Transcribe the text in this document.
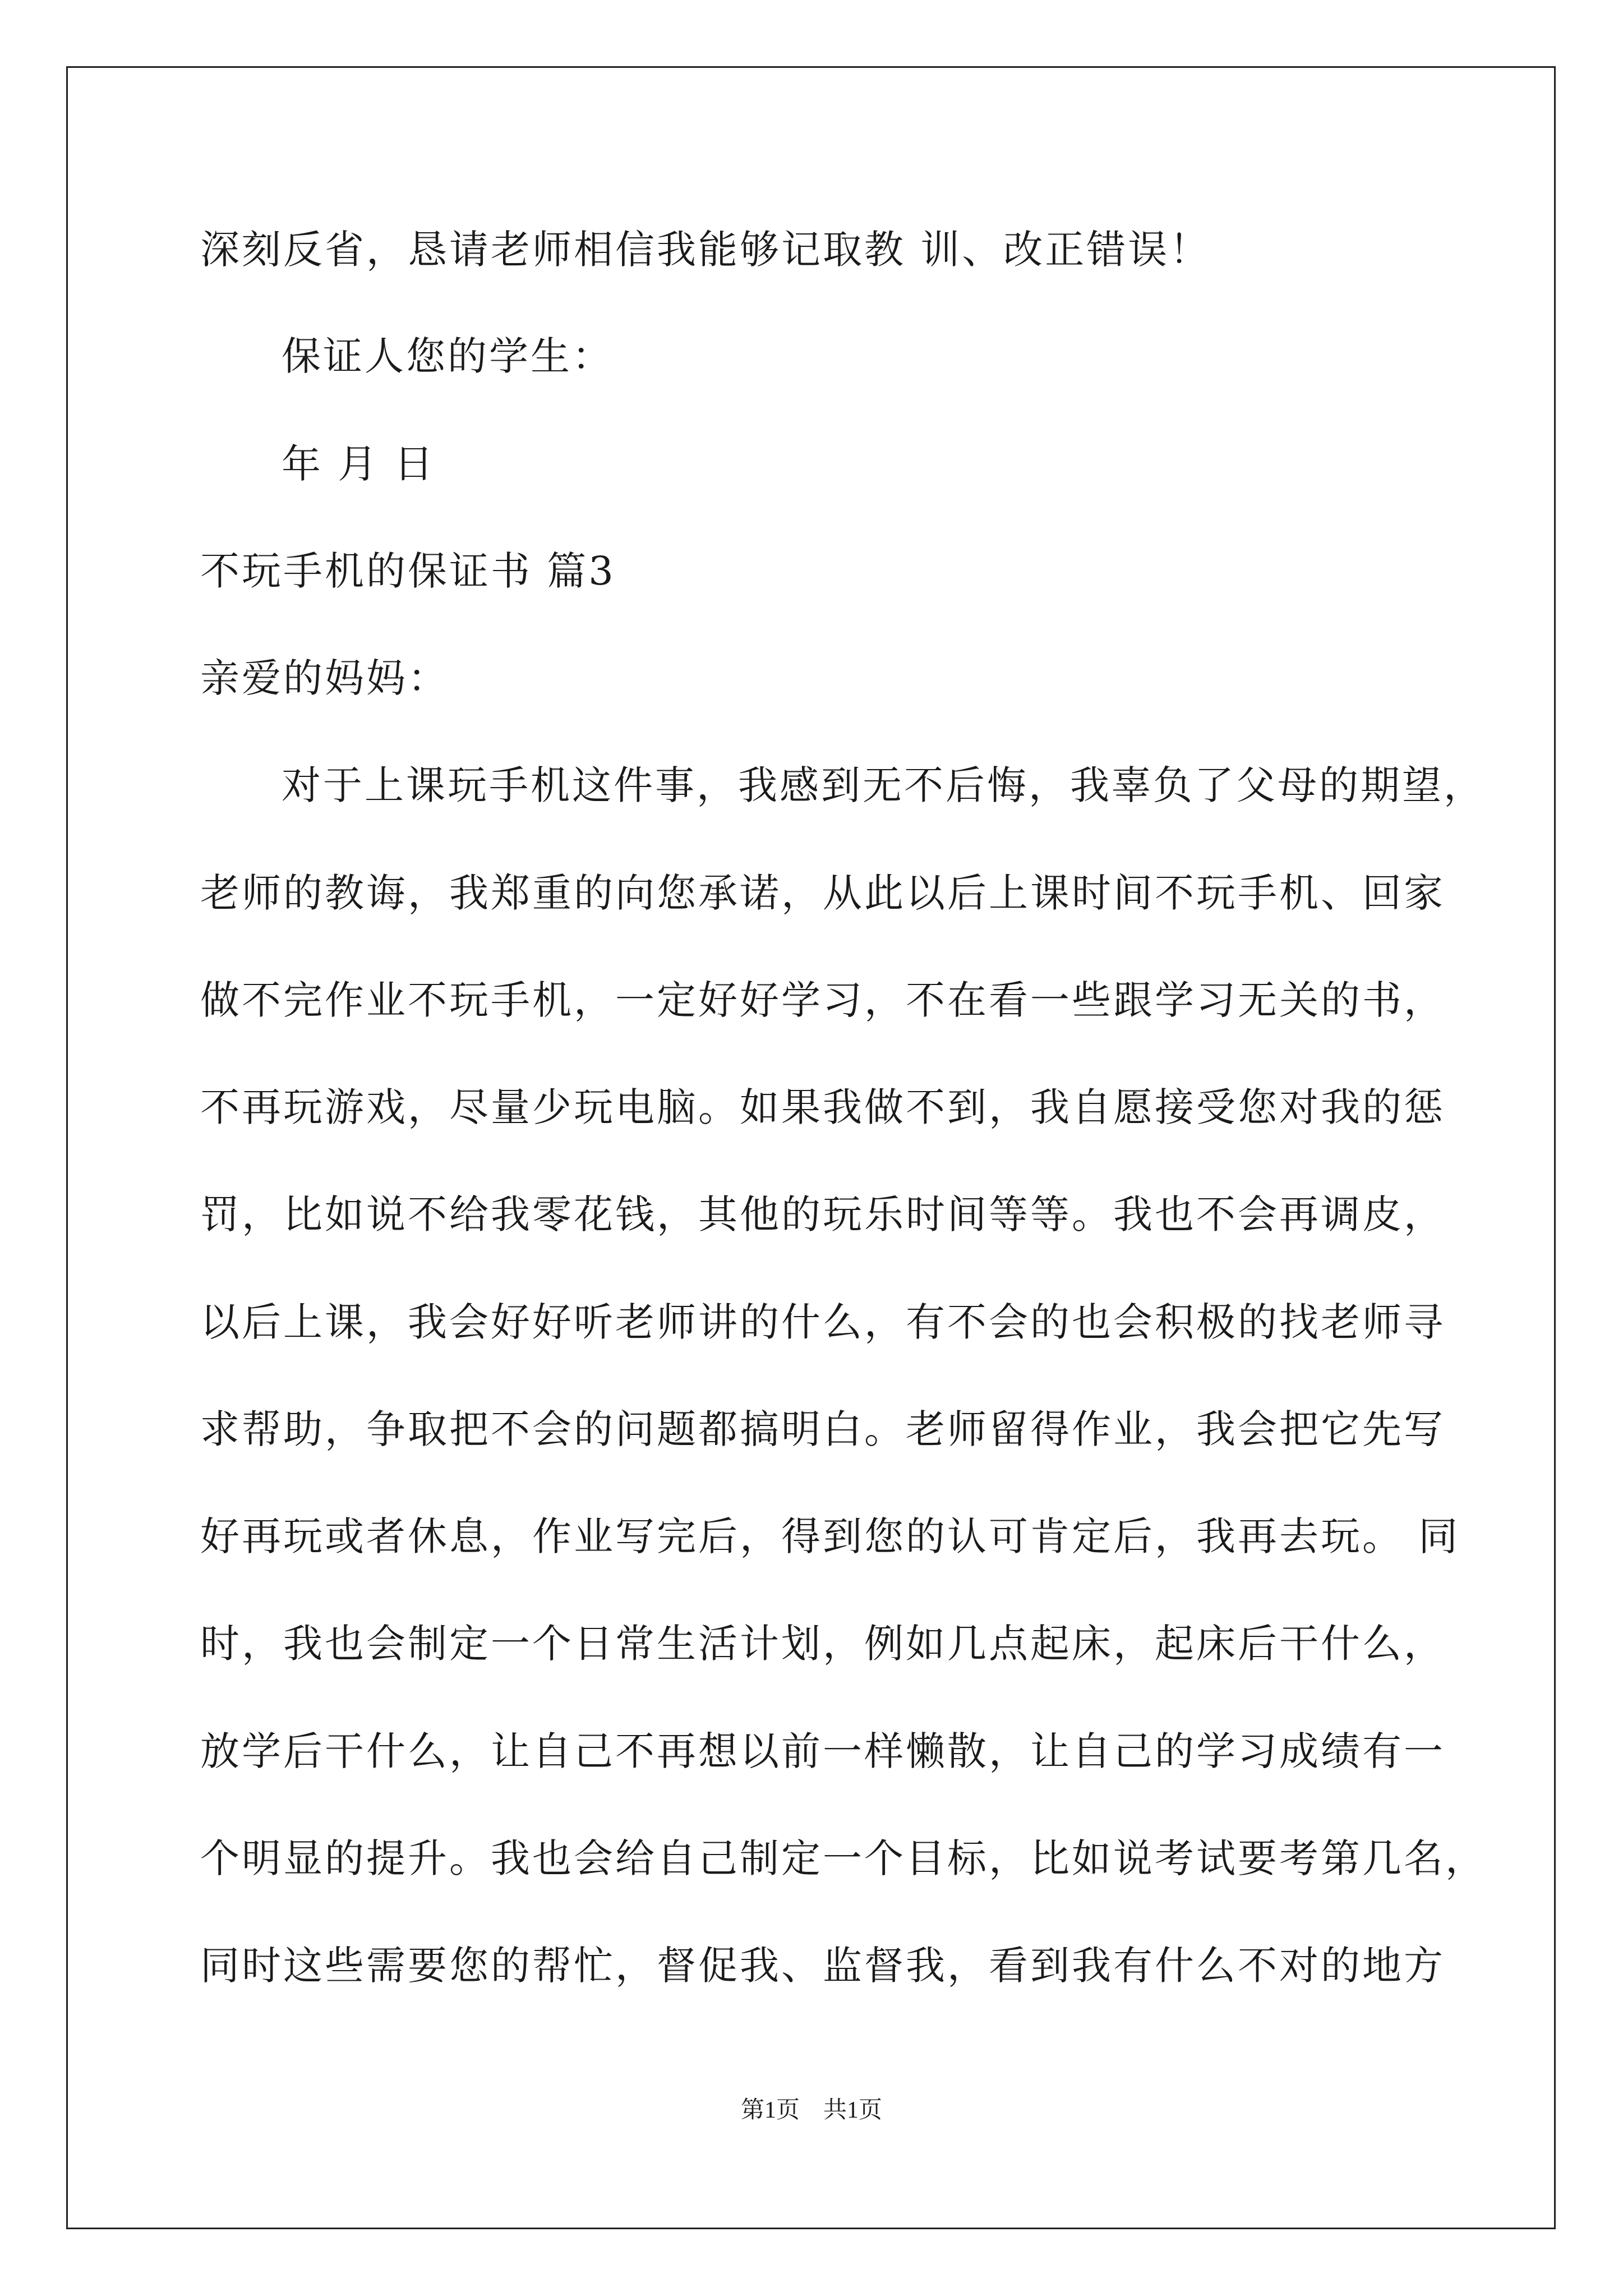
深刻反省，恳请老师相信我能够记取教 训、改正错误！
保证人您的学生：
年 月 日
不玩手机的保证书 篇3
亲爱的妈妈：
对于上课玩手机这件事，我感到无不后悔，我辜负了父母的期望，
老师的教诲，我郑重的向您承诺，从此以后上课时间不玩手机、回家
做不完作业不玩手机，一定好好学习，不在看一些跟学习无关的书，
不再玩游戏，尽量少玩电脑。如果我做不到，我自愿接受您对我的惩
罚，比如说不给我零花钱，其他的玩乐时间等等。我也不会再调皮，
以后上课，我会好好听老师讲的什么，有不会的也会积极的找老师寻
求帮助，争取把不会的问题都搞明白。老师留得作业，我会把它先写
好再玩或者休息，作业写完后，得到您的认可肯定后，我再去玩。 同
时，我也会制定一个日常生活计划，例如几点起床，起床后干什么，
放学后干什么，让自己不再想以前一样懒散，让自己的学习成绩有一
个明显的提升。我也会给自己制定一个目标，比如说考试要考第几名，
同时这些需要您的帮忙，督促我、监督我，看到我有什么不对的地方
第1页　共1页
